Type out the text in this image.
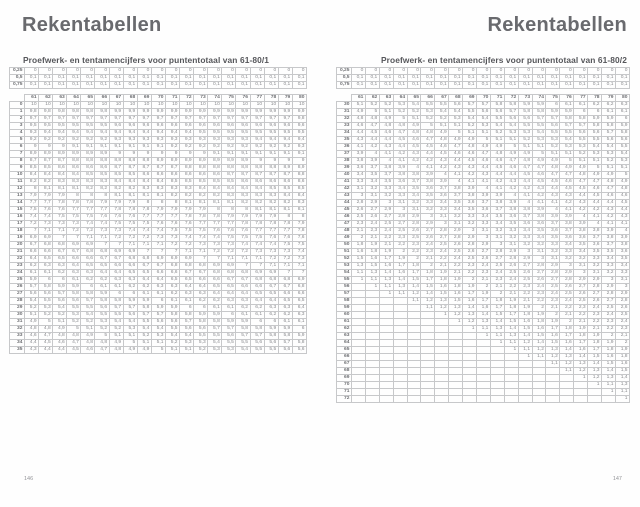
Rekentabellen
Proefwerk- en tentamencijfers voor puntentotaal van 61-80/1
0,25	0	0	0	0	0	0	0	0	0	0	0	0	0	0	0	0	0	0	0	0
0,5	0,1	0,1	0,1	0,1	0,1	0,1	0,1	0,1	0,1	0,1	0,1	0,1	0,1	0,1	0,1	0,1	0,1	0,1	0,1	0,1
0,75	0,1	0,1	0,1	0,1	0,1	0,1	0,1	0,1	0,1	0,1	0,1	0,1	0,1	0,1	0,1	0,1	0,1	0,1	0,1	0,1
	61	62	63	64	65	66	67	68	69	70	71	72	73	74	75	76	77	78	79	80
0	10	10	10	10	10	10	10	10	10	10	10	10	10	10	10	10	10	10	10	10
1	9,8	9,8	9,8	9,8	9,8	9,8	9,9	9,9	9,9	9,9	9,9	9,9	9,9	9,9	9,9	9,9	9,9	9,9	9,9	9,9
2	9,7	9,7	9,7	9,7	9,7	9,7	9,7	9,7	9,7	9,7	9,7	9,7	9,7	9,7	9,7	9,7	9,7	9,7	9,7	9,8
3	9,5	9,5	9,5	9,5	9,5	9,5	9,6	9,6	9,6	9,6	9,6	9,6	9,6	9,6	9,6	9,6	9,6	9,6	9,6	9,6
4	9,3	9,4	9,4	9,4	9,4	9,4	9,4	9,4	9,4	9,4	9,4	9,4	9,5	9,5	9,5	9,5	9,5	9,5	9,5	9,5
5	9,2	9,2	9,2	9,2	9,2	9,2	9,3	9,3	9,3	9,3	9,3	9,3	9,3	9,3	9,3	9,3	9,4	9,4	9,4	9,4
6	9	9	9	9,1	9,1	9,1	9,1	9,1	9,1	9,1	9,2	9,2	9,2	9,2	9,2	9,2	9,2	9,2	9,2	9,3
7	8,9	8,9	8,9	8,9	8,9	8,9	9	9	9	9	9	9	9	9,1	9,1	9,1	9,1	9,1	9,1	9,1
8	8,7	8,7	8,7	8,8	8,8	8,8	8,8	8,8	8,8	8,9	8,9	8,9	8,9	8,9	8,9	8,9	9	9	9	9
9	8,5	8,5	8,6	8,6	8,6	8,6	8,7	8,7	8,7	8,7	8,7	8,8	8,8	8,8	8,8	8,8	8,8	8,8	8,9	8,9
10	8,4	8,4	8,4	8,4	8,5	8,5	8,5	8,5	8,6	8,6	8,6	8,6	8,6	8,6	8,7	8,7	8,7	8,7	8,7	8,8
11	8,2	8,2	8,3	8,3	8,3	8,3	8,4	8,4	8,4	8,4	8,5	8,5	8,5	8,5	8,5	8,6	8,6	8,6	8,6	8,6
12	8	8,1	8,1	8,1	8,2	8,2	8,2	8,2	8,3	8,3	8,3	8,3	8,4	8,4	8,4	8,4	8,4	8,5	8,5	8,5
13	7,9	7,9	7,9	8	8	8	8,1	8,1	8,1	8,1	8,2	8,2	8,2	8,2	8,3	8,3	8,3	8,3	8,4	8,4
14	7,7	7,7	7,8	7,8	7,8	7,9	7,9	7,9	8	8	8	8,1	8,1	8,1	8,1	8,2	8,2	8,2	8,2	8,3
15	7,5	7,6	7,6	7,7	7,7	7,7	7,8	7,8	7,8	7,9	7,9	7,9	7,9	8	8	8	8,1	8,1	8,1	8,1
16	7,4	7,4	7,5	7,5	7,5	7,6	7,6	7,6	7,7	7,7	7,7	7,8	7,8	7,8	7,9	7,9	7,9	7,9	8	8
17	7,2	7,3	7,3	7,3	7,4	7,4	7,5	7,5	7,5	7,6	7,6	7,6	7,7	7,7	7,7	7,8	7,8	7,8	7,8	7,9
18	7	7,1	7,1	7,2	7,2	7,3	7,3	7,4	7,4	7,4	7,5	7,5	7,5	7,6	7,6	7,6	7,7	7,7	7,7	7,8
19	6,9	6,9	7	7	7,1	7,1	7,2	7,2	7,2	7,3	7,3	7,4	7,4	7,4	7,5	7,5	7,5	7,6	7,6	7,6
20	6,7	6,8	6,8	6,9	6,9	7	7	7,1	7,1	7,1	7,2	7,2	7,3	7,3	7,3	7,4	7,4	7,4	7,5	7,5
21	6,6	6,6	6,7	6,7	6,8	6,8	6,9	6,9	7	7	7	7,1	7,1	7,2	7,2	7,2	7,3	7,3	7,3	7,4
22	6,4	6,5	6,5	6,6	6,6	6,7	6,7	6,8	6,8	6,9	6,9	6,9	7	7	7,1	7,1	7,1	7,2	7,2	7,3
23	6,2	6,3	6,3	6,4	6,5	6,5	6,6	6,6	6,7	6,7	6,8	6,8	6,8	6,9	6,9	7	7	7,1	7,1	7,1
24	6,1	6,1	6,2	6,3	6,3	6,4	6,4	6,5	6,5	6,6	6,6	6,7	6,7	6,8	6,8	6,8	6,9	6,9	7	7
25	5,9	6	6	6,1	6,2	6,2	6,3	6,3	6,4	6,4	6,5	6,5	6,6	6,6	6,7	6,7	6,8	6,8	6,8	6,9
26	5,7	5,8	5,9	5,9	6	6,1	6,1	6,2	6,2	6,3	6,3	6,4	6,4	6,5	6,5	6,6	6,6	6,7	6,7	6,8
27	5,6	5,6	5,7	5,8	5,8	5,9	6	6	6,1	6,1	6,2	6,3	6,3	6,4	6,4	6,4	6,5	6,5	6,6	6,6
28	5,4	5,5	5,6	5,6	5,7	5,8	5,8	5,9	5,9	6	6,1	6,1	6,2	6,2	6,3	6,3	6,4	6,4	6,5	6,5
29	5,2	5,3	5,4	5,5	5,5	5,6	5,7	5,7	5,8	5,9	5,9	6	6	6,1	6,1	6,2	6,2	6,3	6,3	6,4
30	5,1	5,2	5,2	5,3	5,4	5,5	5,5	5,6	5,7	5,7	5,8	5,8	5,9	5,9	6	6,1	6,1	6,2	6,2	6,3
31	4,9	5	5,1	5,2	5,2	5,3	5,4	5,4	5,5	5,6	5,6	5,7	5,8	5,8	5,9	5,9	6	6	6,1	6,1
32	4,8	4,8	4,9	5	5,1	5,2	5,2	5,3	5,4	5,4	5,5	5,6	5,6	5,7	5,7	5,8	5,8	5,9	5,9	6
33	4,6	4,7	4,8	4,8	4,9	5	5,1	5,1	5,2	5,3	5,4	5,4	5,5	5,5	5,6	5,7	5,7	5,8	5,8	5,9
34	4,4	4,5	4,6	4,7	4,8	4,8	4,9	5	5,1	5,1	5,2	5,3	5,3	5,4	5,5	5,5	5,6	5,6	5,7	5,8
35	4,3	4,4	4,4	4,5	4,6	4,7	4,8	4,9	4,9	5	5,1	5,1	5,2	5,3	5,3	5,4	5,5	5,5	5,6	5,6
146
Rekentabellen
Proefwerk- en tentamencijfers voor puntentotaal van 61-80/2
0,25	0	0	0	0	0	0	0	0	0	0	0	0	0	0	0	0	0	0	0	0
0,5	0,1	0,1	0,1	0,1	0,1	0,1	0,1	0,1	0,1	0,1	0,1	0,1	0,1	0,1	0,1	0,1	0,1	0,1	0,1	0,1
0,75	0,1	0,1	0,1	0,1	0,1	0,1	0,1	0,1	0,1	0,1	0,1	0,1	0,1	0,1	0,1	0,1	0,1	0,1	0,1	0,1
	61	62	63	64	65	66	67	68	69	70	71	72	73	74	75	76	77	78	79	80
30	5,1	5,2	5,2	5,3	5,4	5,5	5,5	5,6	5,7	5,7	5,8	5,8	5,9	5,9	6	6,1	6,1	6,2	6,2	6,3
31	4,9	5	5,1	5,2	5,2	5,3	5,4	5,4	5,5	5,6	5,6	5,7	5,8	5,8	5,9	5,9	6	6	6,1	6,1
32	4,8	4,8	4,9	5	5,1	5,2	5,2	5,3	5,4	5,4	5,5	5,6	5,6	5,7	5,7	5,8	5,8	5,9	5,9	6
33	4,6	4,7	4,8	4,8	4,9	5	5,1	5,1	5,2	5,3	5,4	5,4	5,5	5,5	5,6	5,7	5,7	5,8	5,8	5,9
34	4,4	4,5	4,6	4,7	4,8	4,8	4,9	5	5,1	5,1	5,2	5,3	5,3	5,4	5,5	5,5	5,6	5,6	5,7	5,8
35	4,3	4,4	4,4	4,5	4,6	4,7	4,8	4,9	4,9	5	5,1	5,1	5,2	5,3	5,3	5,4	5,5	5,5	5,6	5,6
36	4,1	4,2	4,3	4,4	4,5	4,5	4,6	4,7	4,8	4,9	4,9	5	5,1	5,1	5,2	5,3	5,3	5,4	5,4	5,5
37	3,9	4	4,1	4,2	4,3	4,4	4,5	4,6	4,6	4,7	4,8	4,9	4,9	5	5,1	5,1	5,2	5,3	5,3	5,4
38	3,8	3,9	4	4,1	4,2	4,2	4,3	4,4	4,5	4,6	4,6	4,7	4,8	4,9	4,9	5	5,1	5,1	5,2	5,3
39	3,6	3,7	3,8	3,9	4	4,1	4,2	4,3	4,3	4,4	4,5	4,6	4,7	4,7	4,8	4,9	4,9	5	5,1	5,1
40	3,4	3,5	3,7	3,8	3,8	3,9	4	4,1	4,2	4,3	4,4	4,4	4,5	4,6	4,7	4,7	4,8	4,9	4,9	5
41	3,3	3,4	3,5	3,6	3,7	3,8	3,9	4	4,1	4,1	4,2	4,3	4,4	4,5	4,5	4,6	4,7	4,7	4,8	4,9
42	3,1	3,2	3,3	3,4	3,5	3,6	3,7	3,8	3,9	4	4,1	4,2	4,2	4,3	4,4	4,5	4,5	4,6	4,7	4,8
43	3	3,1	3,2	3,3	3,4	3,5	3,6	3,7	3,8	3,9	3,9	4	4,1	4,2	4,3	4,3	4,4	4,5	4,6	4,6
44	2,8	2,9	3	3,1	3,2	3,3	3,4	3,5	3,6	3,7	3,8	3,9	4	4,1	4,1	4,2	4,3	4,4	4,4	4,5
45	2,6	2,7	2,9	3	3,1	3,2	3,3	3,4	3,5	3,6	3,7	3,8	3,8	3,9	4	4,1	4,2	4,2	4,3	4,4
46	2,5	2,6	2,7	2,8	2,9	3	3,1	3,2	3,3	3,4	3,5	3,6	3,7	3,8	3,9	3,9	4	4,1	4,2	4,3
47	2,3	2,4	2,5	2,7	2,8	2,9	3	3,1	3,2	3,3	3,4	3,5	3,6	3,6	3,7	3,8	3,9	4	4,1	4,1
48	2,1	2,3	2,4	2,5	2,6	2,7	2,8	2,9	3	3,1	3,2	3,3	3,4	3,5	3,6	3,7	3,8	3,8	3,9	4
49	2	2,1	2,2	2,3	2,5	2,6	2,7	2,8	2,9	3	3,1	3,2	3,3	3,4	3,5	3,6	3,6	3,7	3,8	3,9
50	1,8	1,9	2,1	2,2	2,3	2,4	2,5	2,6	2,8	2,9	3	3,1	3,2	3,2	3,3	3,4	3,5	3,6	3,7	3,8
51	1,6	1,8	1,9	2	2,2	2,3	2,4	2,5	2,6	2,7	2,8	2,9	3	3,1	3,2	3,3	3,4	3,5	3,5	3,6
52	1,5	1,6	1,7	1,9	2	2,1	2,2	2,4	2,5	2,6	2,7	2,8	2,9	3	3,1	3,2	3,2	3,3	3,4	3,5
53	1,3	1,5	1,6	1,7	1,8	2	2,1	2,2	2,3	2,4	2,5	2,6	2,7	2,8	2,9	3	3,1	3,2	3,3	3,4
54	1,1	1,3	1,4	1,6	1,7	1,8	1,9	2,1	2,2	2,3	2,4	2,5	2,6	2,7	2,8	2,9	3	3,1	3,2	3,3
55	1	1,1	1,3	1,4	1,5	1,7	1,8	1,9	2	2,1	2,3	2,4	2,5	2,6	2,7	2,8	2,9	2,9	3	3,1
56		1	1,1	1,3	1,4	1,5	1,6	1,8	1,9	2	2,1	2,2	2,3	2,4	2,5	2,6	2,7	2,8	2,9	3
57			1	1,1	1,2	1,4	1,5	1,6	1,7	1,9	2	2,1	2,2	2,3	2,4	2,5	2,6	2,7	2,8	2,9
58					1,1	1,2	1,3	1,5	1,6	1,7	1,8	1,9	2,1	2,2	2,3	2,4	2,5	2,6	2,7	2,8
59						1,1	1,2	1,3	1,4	1,6	1,7	1,8	1,9	2	2,1	2,2	2,3	2,4	2,5	2,6
60							1	1,2	1,3	1,4	1,5	1,7	1,8	1,9	2	2,1	2,2	2,3	2,4	2,5
61								1	1,2	1,3	1,4	1,5	1,6	1,8	1,9	2	2,1	2,2	2,3	2,4
62									1	1,1	1,3	1,4	1,5	1,6	1,7	1,8	1,9	2,1	2,2	2,3
63										1	1,1	1,3	1,4	1,5	1,6	1,7	1,8	1,9	2	2,1
64											1	1,1	1,2	1,4	1,5	1,6	1,7	1,8	1,9	2
65												1	1,1	1,2	1,3	1,4	1,6	1,7	1,8	1,9
66													1	1,1	1,2	1,3	1,4	1,5	1,6	1,8
67															1,1	1,2	1,3	1,4	1,5	1,6
68																1,1	1,2	1,3	1,4	1,5
69																	1	1,2	1,3	1,4
70																		1	1,1	1,3
71																			1	1,1
72																				1
147
